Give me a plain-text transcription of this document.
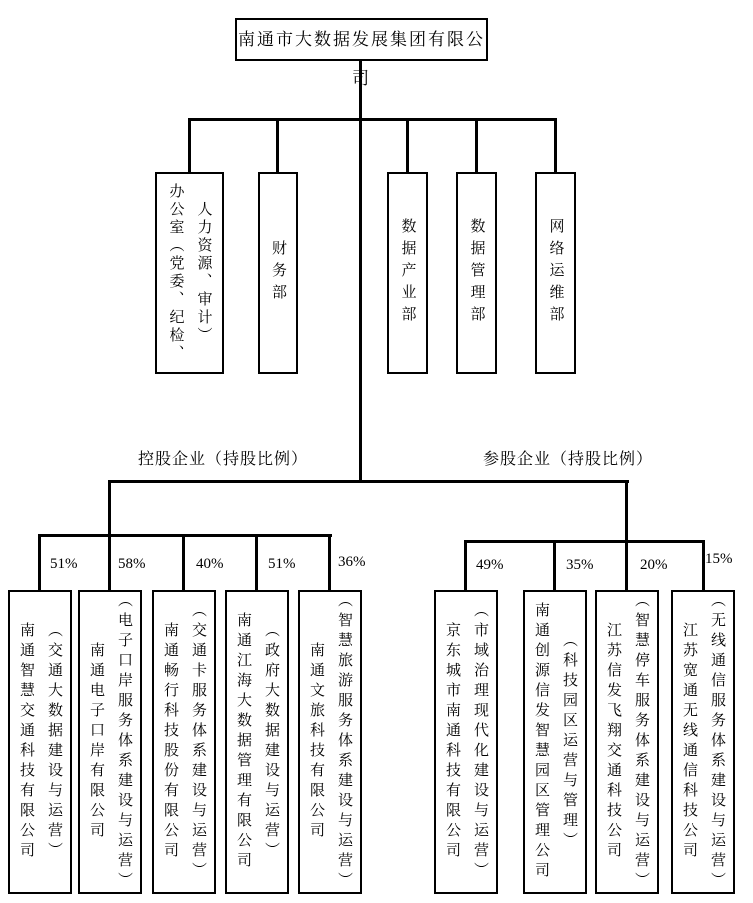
南通市大数据发展集团有限公司
办公室（党委、纪检、 人力资源、审计）	财务部	数据产业部	数据管理部	网络运维部
控股企业（持股比例）	参股企业（持股比例）
51%	58%	40%	51%	36%	49%	35%	20%	15%
南通智慧交通科技有限公司 （交通大数据建设与运营）	南通电子口岸有限公司 （电子口岸服务体系建设与运营）	南通畅行科技股份有限公司 （交通卡服务体系建设与运营）	南通江海大数据管理有限公司 （政府大数据建设与运营）	南通文旅科技有限公司 （智慧旅游服务体系建设与运营）	京东城市南通科技有限公司 （市域治理现代化建设与运营）	南通创源信发智慧园区管理公司 （科技园区运营与管理）	江苏信发飞翔交通科技公司 （智慧停车服务体系建设与运营）	江苏宽通无线通信科技公司 （无线通信服务体系建设与运营）
